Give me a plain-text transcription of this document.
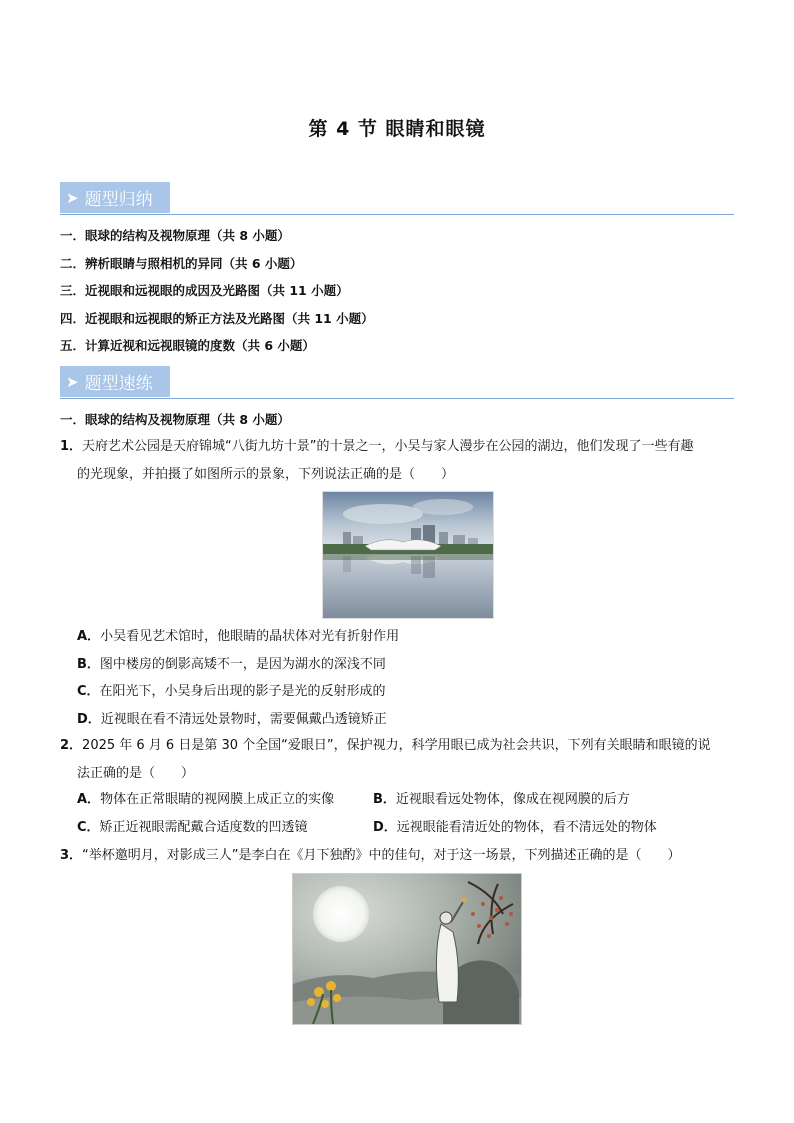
第 4 节 眼睛和眼镜
➤ 题型归纳
一．眼球的结构及视物原理（共 8 小题）
二．辨析眼睛与照相机的异同（共 6 小题）
三．近视眼和远视眼的成因及光路图（共 11 小题）
四．近视眼和远视眼的矫正方法及光路图（共 11 小题）
五．计算近视和远视眼镜的度数（共 6 小题）
➤ 题型速练
一．眼球的结构及视物原理（共 8 小题）
1．天府艺术公园是天府锦城“八街九坊十景”的十景之一，小吴与家人漫步在公园的湖边，他们发现了一些有趣
的光现象，并拍摄了如图所示的景象，下列说法正确的是（　　）
A．小吴看见艺术馆时，他眼睛的晶状体对光有折射作用
B．图中楼房的倒影高矮不一，是因为湖水的深浅不同
C．在阳光下，小吴身后出现的影子是光的反射形成的
D．近视眼在看不清远处景物时，需要佩戴凸透镜矫正
2．2025 年 6 月 6 日是第 30 个全国“爱眼日”，保护视力，科学用眼已成为社会共识，下列有关眼睛和眼镜的说
法正确的是（　　）
A．物体在正常眼睛的视网膜上成正立的实像	B．近视眼看远处物体，像成在视网膜的后方
C．矫正近视眼需配戴合适度数的凹透镜	D．远视眼能看清近处的物体，看不清远处的物体
3．“举杯邀明月，对影成三人”是李白在《月下独酌》中的佳句，对于这一场景，下列描述正确的是（　　）
